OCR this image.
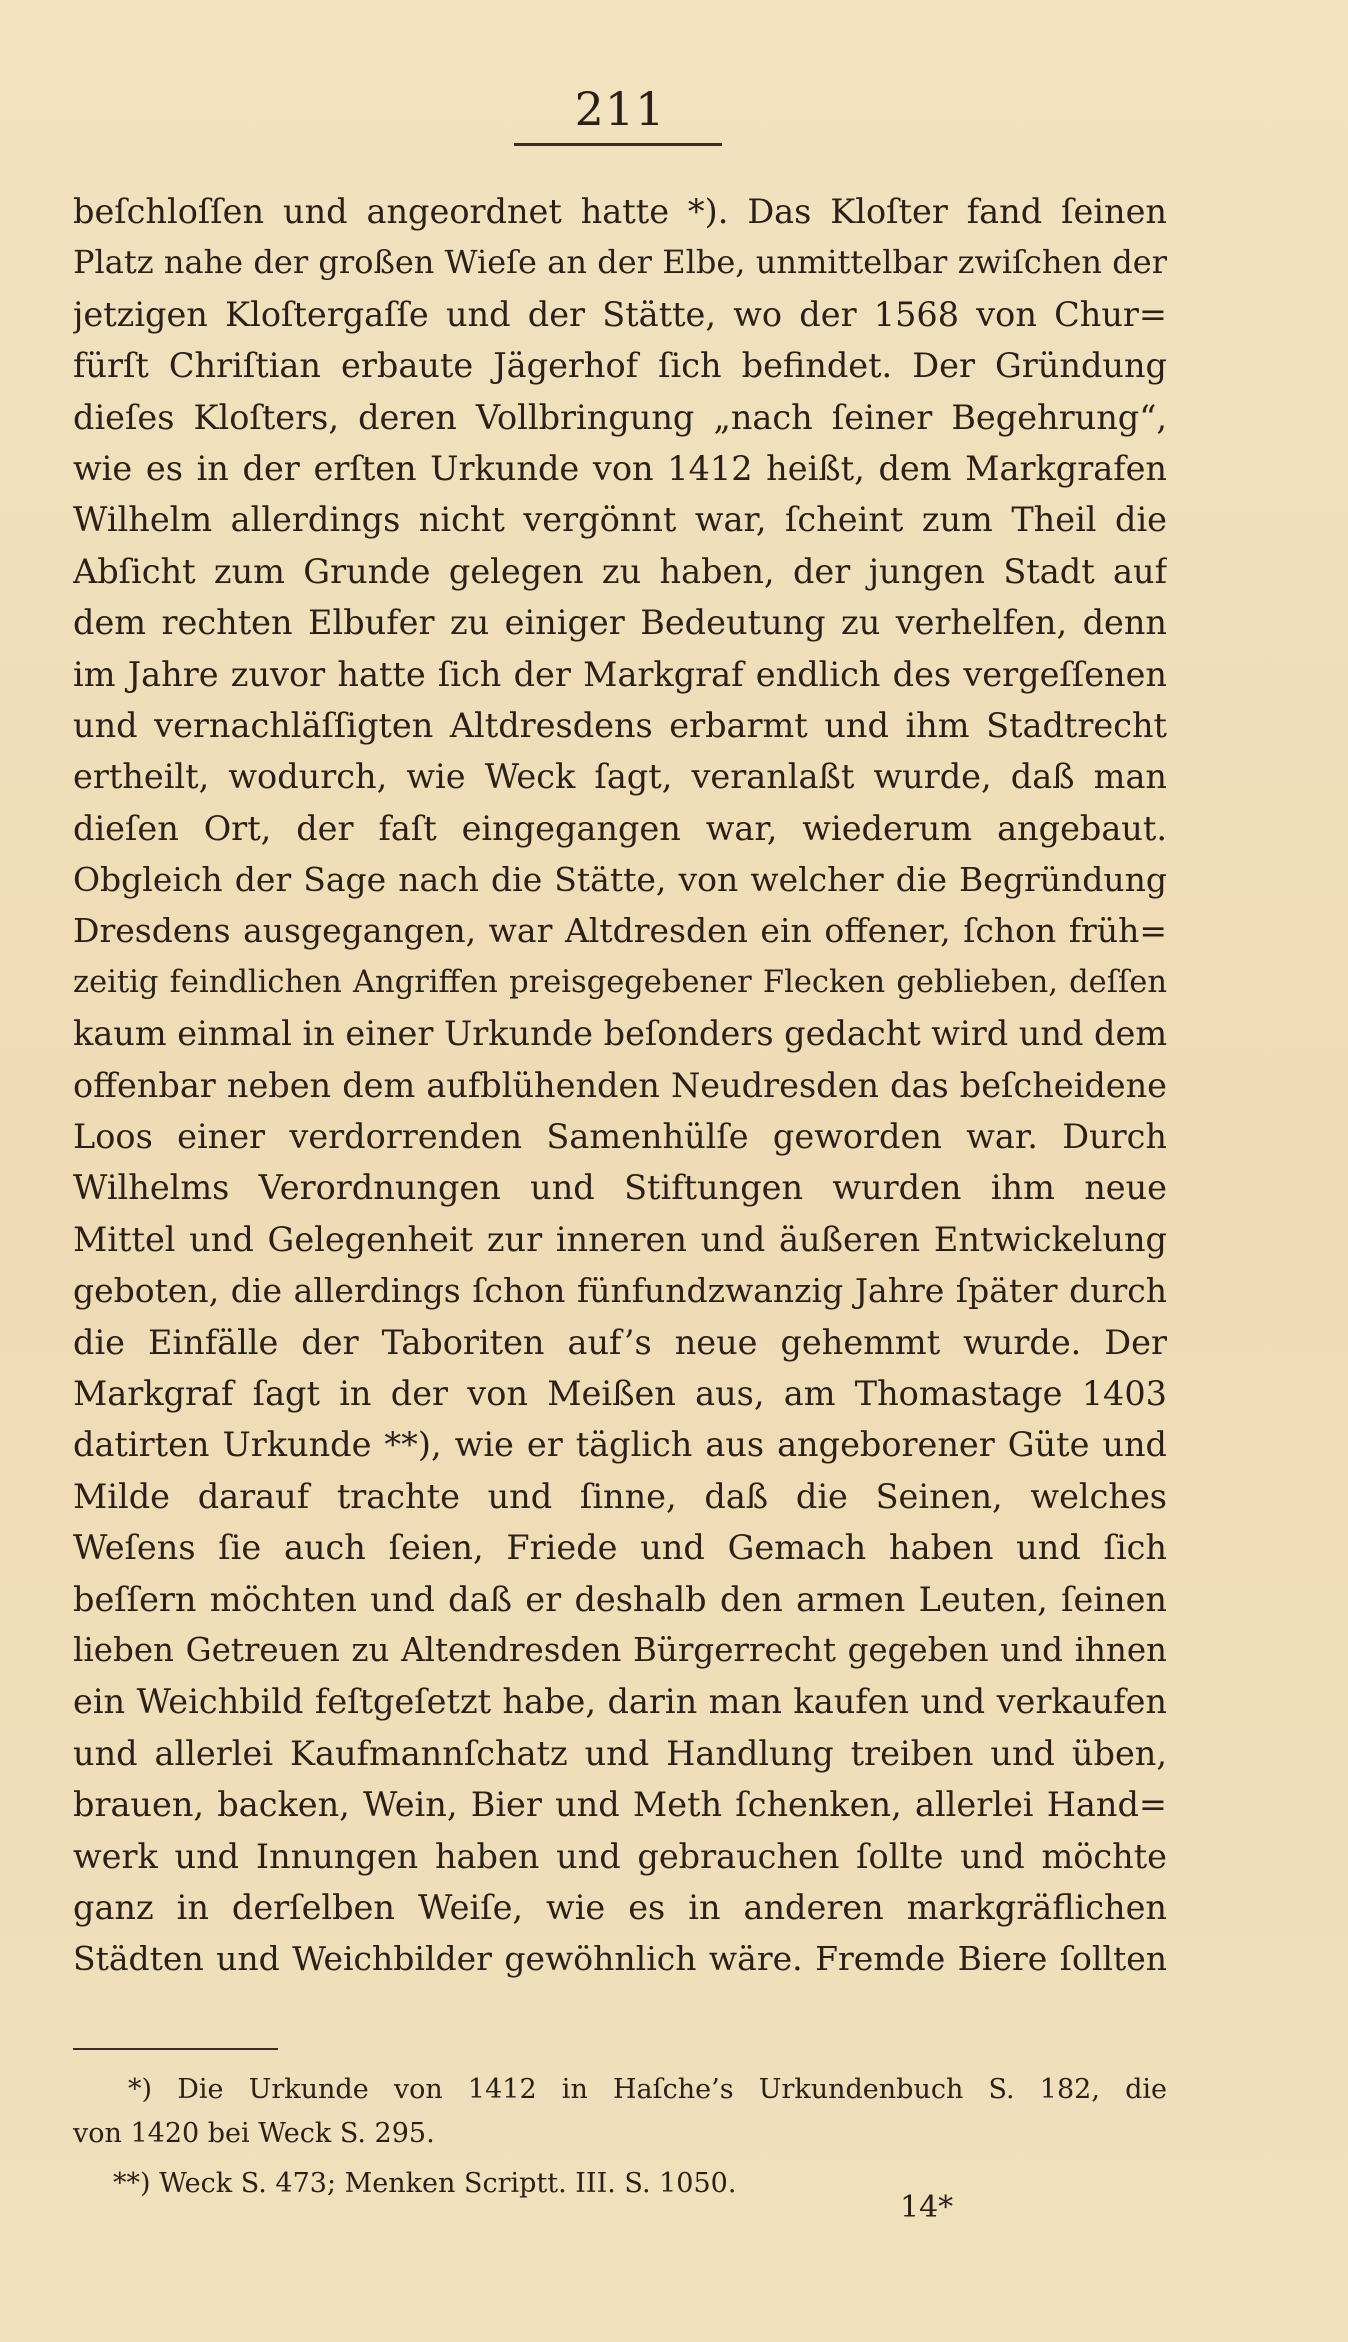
211
beſchloſſen und angeordnet hatte *). Das Kloſter fand ſeinen
Platz nahe der großen Wieſe an der Elbe, unmittelbar zwiſchen der
jetzigen Kloſtergaſſe und der Stätte, wo der 1568 von Chur=
fürſt Chriſtian erbaute Jägerhof ſich befindet. Der Gründung
dieſes Kloſters, deren Vollbringung „nach ſeiner Begehrung“,
wie es in der erſten Urkunde von 1412 heißt, dem Markgrafen
Wilhelm allerdings nicht vergönnt war, ſcheint zum Theil die
Abſicht zum Grunde gelegen zu haben, der jungen Stadt auf
dem rechten Elbufer zu einiger Bedeutung zu verhelfen, denn
im Jahre zuvor hatte ſich der Markgraf endlich des vergeſſenen
und vernachläſſigten Altdresdens erbarmt und ihm Stadtrecht
ertheilt, wodurch, wie Weck ſagt, veranlaßt wurde, daß man
dieſen Ort, der faſt eingegangen war, wiederum angebaut.
Obgleich der Sage nach die Stätte, von welcher die Begründung
Dresdens ausgegangen, war Altdresden ein offener, ſchon früh=
zeitig feindlichen Angriffen preisgegebener Flecken geblieben, deſſen
kaum einmal in einer Urkunde beſonders gedacht wird und dem
offenbar neben dem aufblühenden Neudresden das beſcheidene
Loos einer verdorrenden Samenhülſe geworden war. Durch
Wilhelms Verordnungen und Stiftungen wurden ihm neue
Mittel und Gelegenheit zur inneren und äußeren Entwickelung
geboten, die allerdings ſchon fünfundzwanzig Jahre ſpäter durch
die Einfälle der Taboriten auf’s neue gehemmt wurde. Der
Markgraf ſagt in der von Meißen aus, am Thomastage 1403
datirten Urkunde **), wie er täglich aus angeborener Güte und
Milde darauf trachte und ſinne, daß die Seinen, welches
Weſens ſie auch ſeien, Friede und Gemach haben und ſich
beſſern möchten und daß er deshalb den armen Leuten, ſeinen
lieben Getreuen zu Altendresden Bürgerrecht gegeben und ihnen
ein Weichbild feſtgeſetzt habe, darin man kaufen und verkaufen
und allerlei Kaufmannſchatz und Handlung treiben und üben,
brauen, backen, Wein, Bier und Meth ſchenken, allerlei Hand=
werk und Innungen haben und gebrauchen ſollte und möchte
ganz in derſelben Weiſe, wie es in anderen markgräflichen
Städten und Weichbilder gewöhnlich wäre. Fremde Biere ſollten
*) Die Urkunde von 1412 in Haſche’s Urkundenbuch S. 182, die
von 1420 bei Weck S. 295.
**) Weck S. 473; Menken Scriptt. III. S. 1050.
14*
